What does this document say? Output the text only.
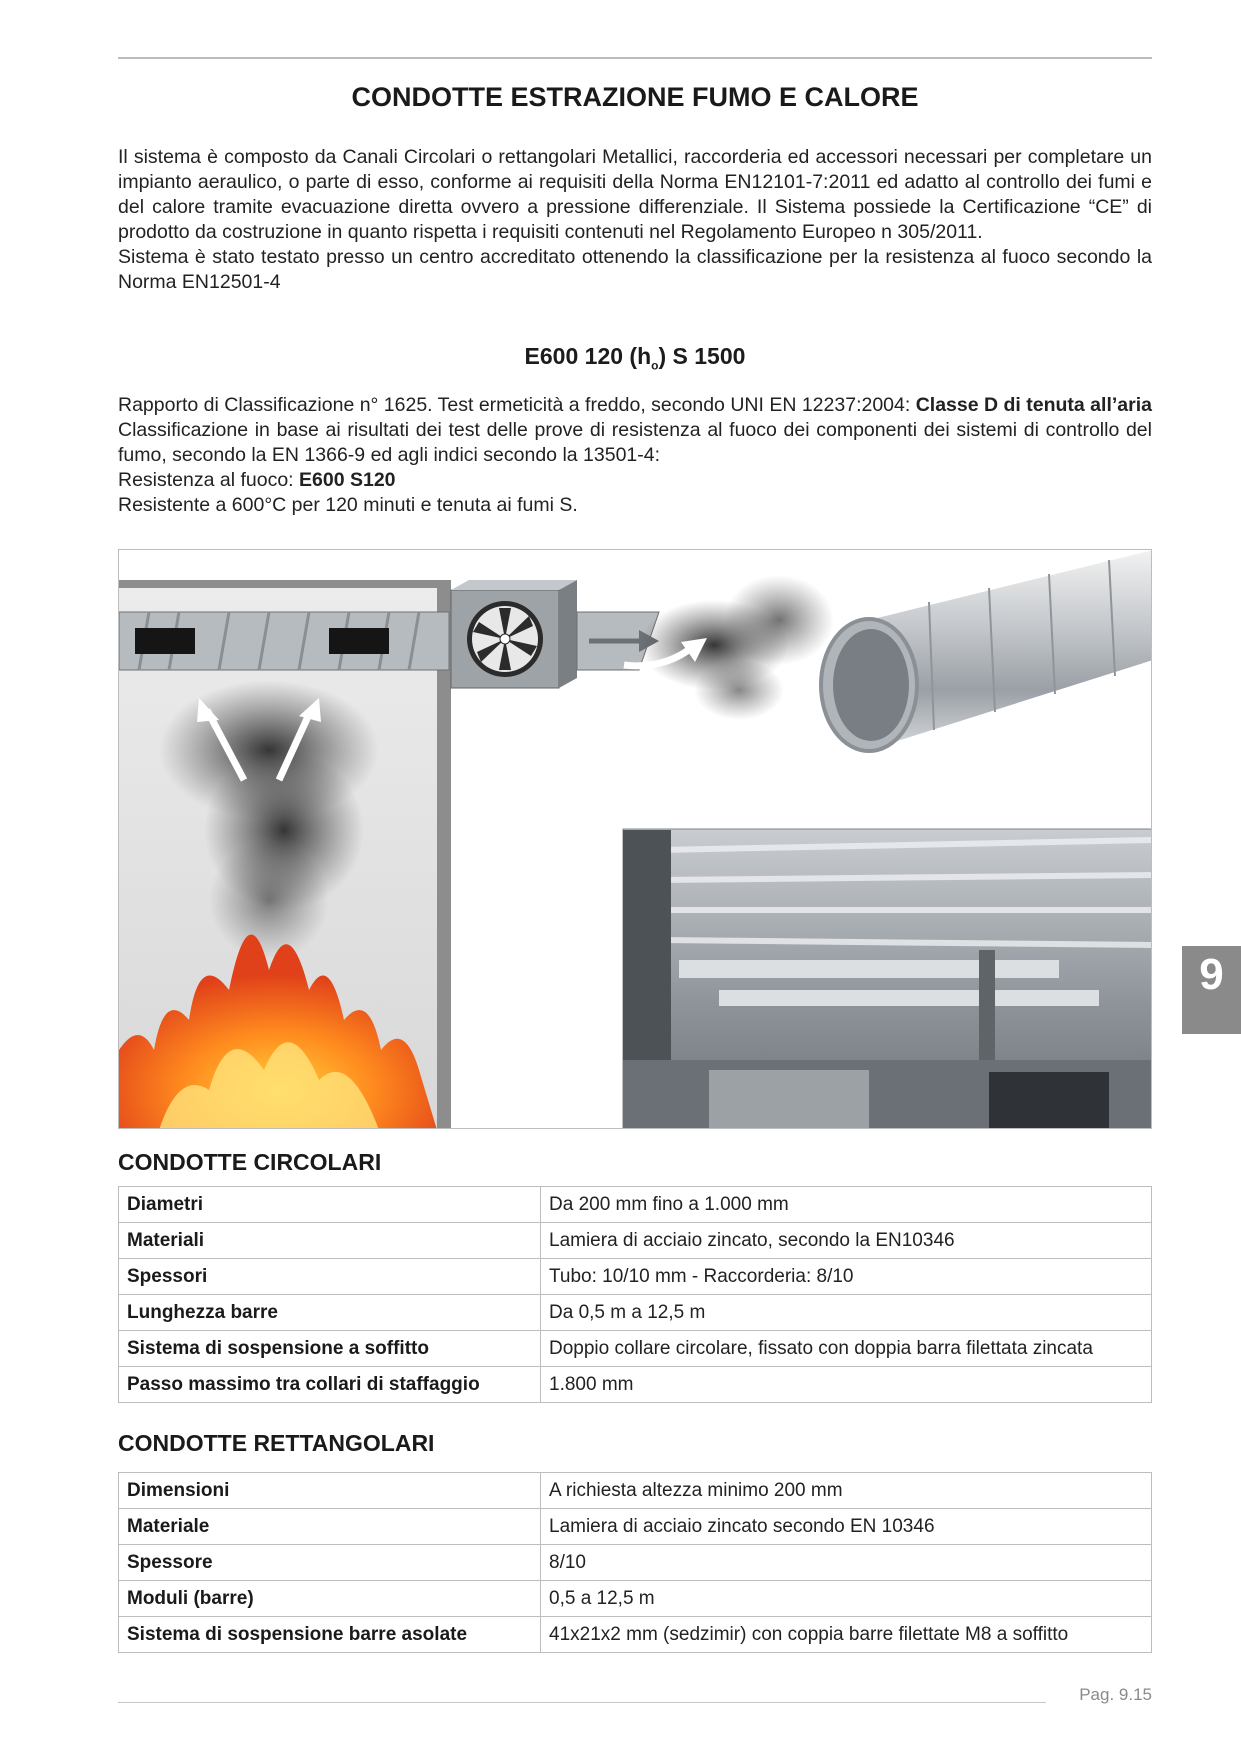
CONDOTTE ESTRAZIONE FUMO E CALORE
Il sistema è composto da Canali Circolari o rettangolari Metallici, raccorderia ed accessori necessari per completare un impianto aeraulico, o parte di esso, conforme ai requisiti della Norma EN12101-7:2011 ed adatto al controllo dei fumi e del calore tramite evacuazione diretta ovvero a pressione differenziale. Il Sistema possiede la Certificazione “CE” di prodotto da costruzione in quanto rispetta i requisiti contenuti nel Regolamento Europeo n 305/2011.
Sistema è stato testato presso un centro accreditato ottenendo la classificazione per la resistenza al fuoco secondo la Norma EN12501-4
E600 120 $(h_o)$ S 1500
Rapporto di Classificazione n° 1625. Test ermeticità a freddo, secondo UNI EN 12237:2004: Classe D di tenuta all’aria Classificazione in base ai risultati dei test delle prove di resistenza al fuoco dei componenti dei sistemi di controllo del fumo, secondo la EN 1366-9 ed agli indici secondo la 13501-4:
Resistenza al fuoco: E600 S120
Resistente a 600°C per 120 minuti e tenuta ai fumi S.
9
CONDOTTE CIRCOLARI
Diametri	Da 200 mm fino a 1.000 mm
Materiali	Lamiera di acciaio zincato, secondo la EN10346
Spessori	Tubo: 10/10 mm - Raccorderia: 8/10
Lunghezza barre	Da 0,5 m a 12,5 m
Sistema di sospensione a soffitto	Doppio collare circolare, fissato con doppia barra filettata zincata
Passo massimo tra collari di staffaggio	1.800 mm
CONDOTTE RETTANGOLARI
Dimensioni	A richiesta altezza minimo 200 mm
Materiale	Lamiera di acciaio zincato secondo EN 10346
Spessore	8/10
Moduli (barre)	0,5 a 12,5 m
Sistema di sospensione barre asolate	41x21x2 mm (sedzimir) con coppia barre filettate M8 a soffitto
Pag. 9.15
